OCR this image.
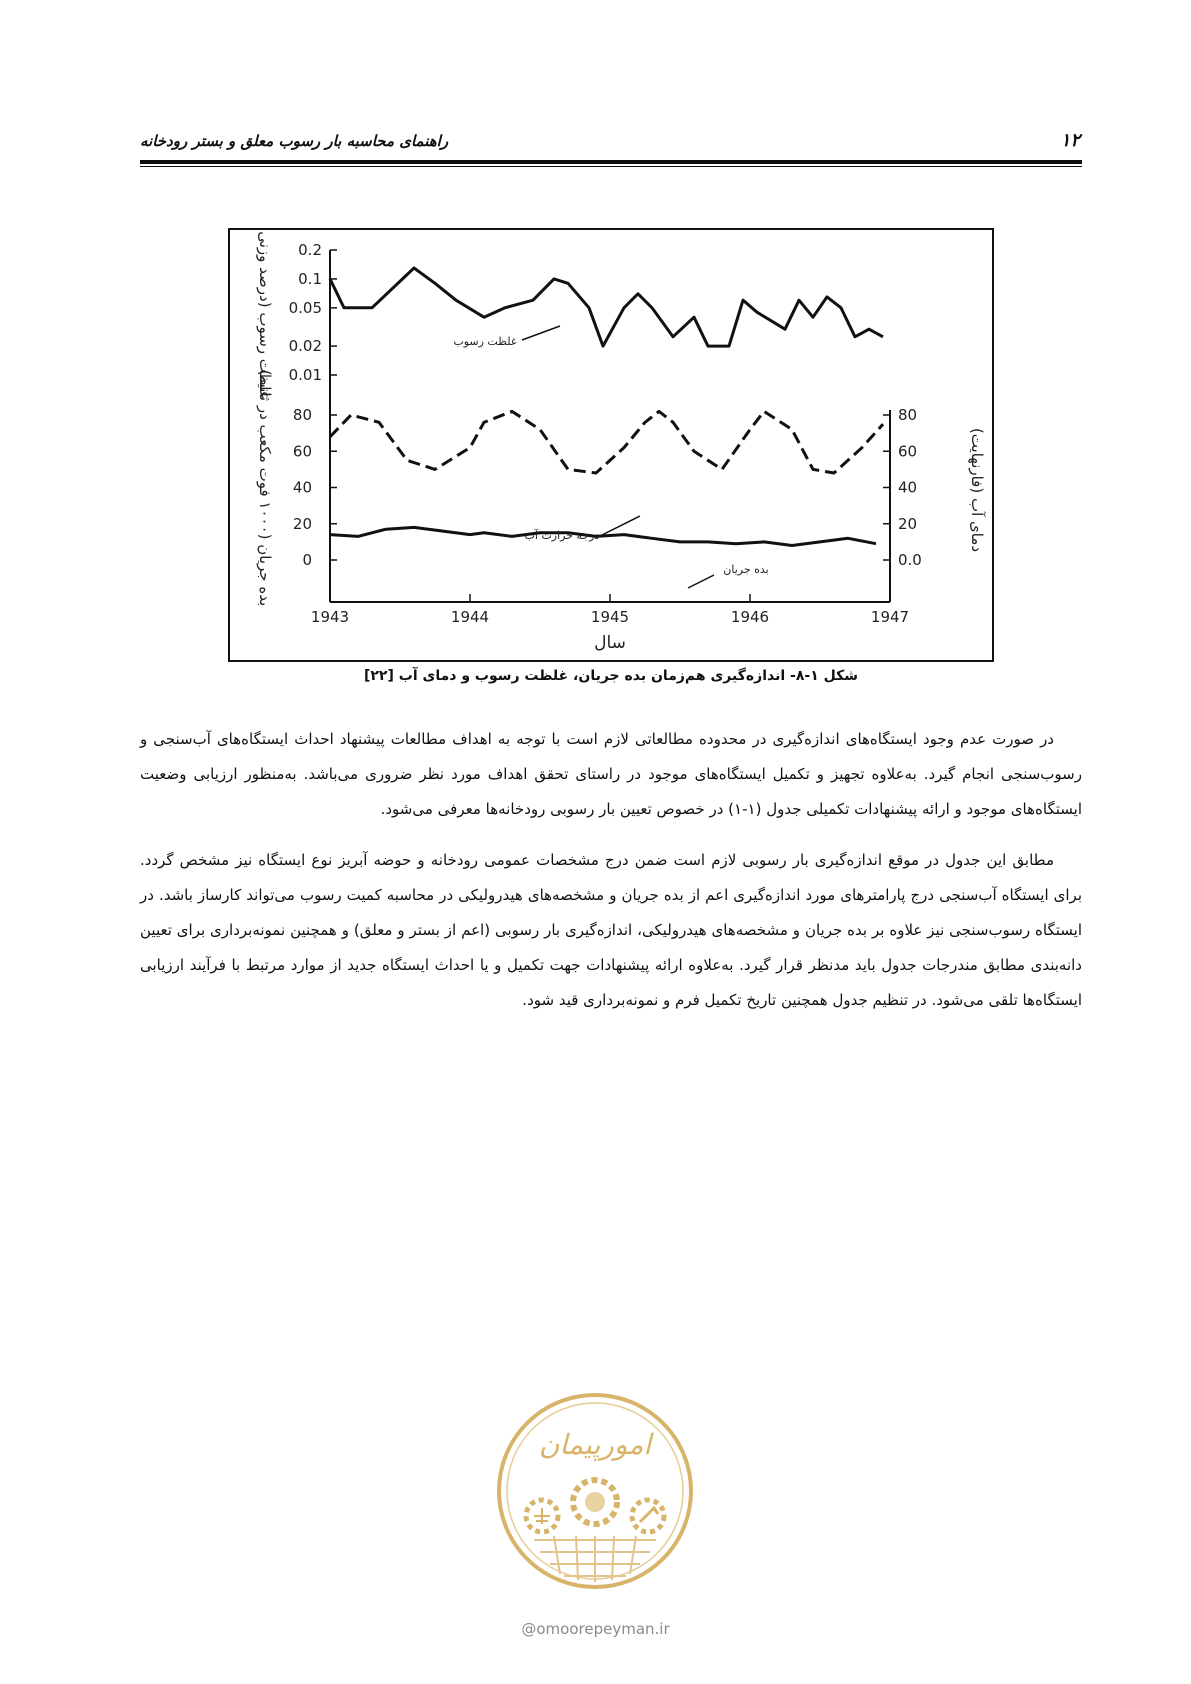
راهنمای محاسبه بار رسوب معلق و بستر رودخانه	۱۲
1943	1944	1945	1946	1947
سال
0.2
0.1
0.05
0.02
0.01
80
60
40
20
0
80
60
40
20
0.0
غلظت رسوب (درصد وزنی)
بده جریان (۱۰۰۰ فوت مکعب در ثانیه)
دمای آب (فارنهایت)
غلظت رسوب
درجه حرارت آب
بده جریان
شکل ۱-۸- اندازه‌گیری هم‌زمان بده جریان، غلظت رسوب و دمای آب [۲۲]

در صورت عدم وجود ایستگاه‌های اندازه‌گیری در محدوده مطالعاتی لازم است با توجه به اهداف مطالعات پیشنهاد احداث ایستگاه‌های آب‌سنجی و رسوب‌سنجی انجام گیرد. به‌علاوه تجهیز و تکمیل ایستگاه‌های موجود در راستای تحقق اهداف مورد نظر ضروری می‌باشد. به‌منظور ارزیابی وضعیت ایستگاه‌های موجود و ارائه پیشنهادات تکمیلی جدول (۱-۱) در خصوص تعیین بار رسوبی رودخانه‌ها معرفی می‌شود.

مطابق این جدول در موقع اندازه‌گیری بار رسوبی لازم است ضمن درج مشخصات عمومی رودخانه و حوضه آبریز نوع ایستگاه نیز مشخص گردد. برای ایستگاه آب‌سنجی درج پارامترهای مورد اندازه‌گیری اعم از بده جریان و مشخصه‌های هیدرولیکی در محاسبه کمیت رسوب می‌تواند کارساز باشد. در ایستگاه رسوب‌سنجی نیز علاوه بر بده جریان و مشخصه‌های هیدرولیکی، اندازه‌گیری بار رسوبی (اعم از بستر و معلق) و همچنین نمونه‌برداری برای تعیین دانه‌بندی مطابق مندرجات جدول باید مدنظر قرار گیرد. به‌علاوه ارائه پیشنهادات جهت تکمیل و یا احداث ایستگاه جدید از موارد مرتبط با فرآیند ارزیابی ایستگاه‌ها تلقی می‌شود. در تنظیم جدول همچنین تاریخ تکمیل فرم و نمونه‌برداری قید شود.

امورپیمان
@omoorepeyman.ir
